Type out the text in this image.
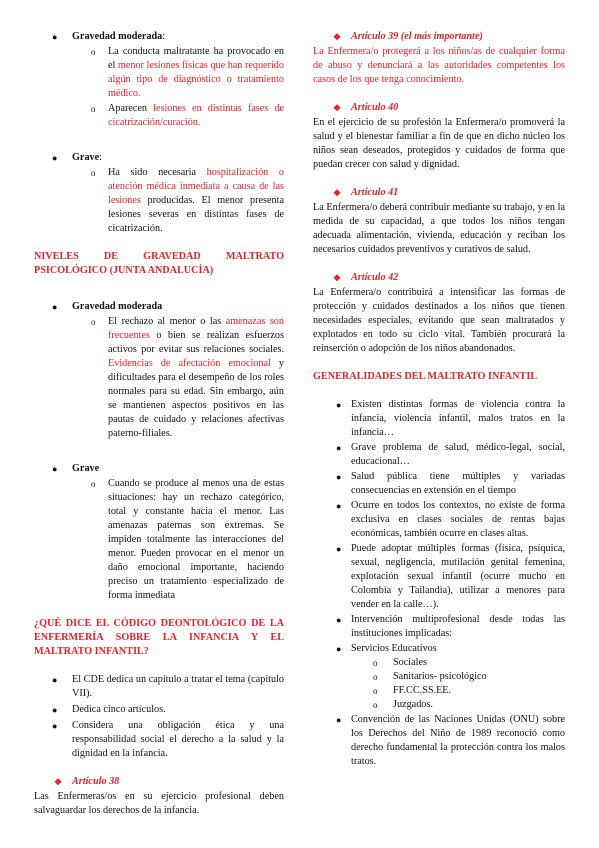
● Gravedad moderada:
o La conducta maltratante ha provocado en el menor lesiones físicas que han requerido algún tipo de diagnóstico o tratamiento médico.
o Aparecen lesiones en distintas fases de cicatrización/curación.
● Grave:
o Ha sido necesaria hospitalización o atención médica inmediata a causa de las lesiones producidas. El menor presenta lesiones severas en distintas fases de cicatrización.

NIVELES DE GRAVEDAD MALTRATO PSICOLÓGICO (JUNTA ANDALUCÍA)

● Gravedad moderada
o El rechazo al menor o las amenazas son frecuentes o bien se realizan esfuerzos activos por evitar sus relaciones sociales. Evidencias de afectación emocional y dificultades para el desempeño de los roles normales para su edad. Sin embargo, aún se mantienen aspectos positivos en las pautas de cuidado y relaciones afectivas paterno-filiales.
● Grave
o Cuando se produce al menos una de estas situaciones: hay un rechazo categórico, total y constante hacia el menor. Las amenazas paternas son extremas. Se impiden totalmente las interacciones del menor. Pueden provocar en el menor un daño emocional importante, haciendo preciso un tratamiento especializado de forma inmediata

¿QUÉ DICE EL CÓDIGO DEONTOLÓGICO DE LA ENFERMERÍA SOBRE LA INFANCIA Y EL MALTRATO INFANTIL?

● El CDE dedica un capítulo a tratar el tema (capítulo VII).
● Dedica cinco artículos.
● Considera una obligación ética y una responsabilidad social el derecho a la salud y la dignidad en la infancia.
❖ Artículo 38

Las Enfermeras/os en su ejercicio profesional deben salvaguardar los derechos de la infancia.

❖ Artículo 39 (el más importante)

La Enfermera/o protegerá a los niños/as de cualquier forma de abuso y denunciará a las autoridades competentes los casos de los que tenga conocimiento.

❖ Artículo 40

En el ejercicio de su profesión la Enfermera/o promoverá la salud y el bienestar familiar a fin de que en dicho núcleo los niños sean deseados, protegidos y cuidados de forma que puedan crecer con salud y dignidad.

❖ Artículo 41

La Enfermera/o deberá contribuir mediante su trabajo, y en la medida de su capacidad, a que todos los niños tengan adecuada alimentación, vivienda, educación y reciban los necesarios cuidados preventivos y curativos de salud.

❖ Artículo 42

La Enfermera/o contribuirá a intensificar las formas de protección y cuidados destinados a los niños que tienen necesidades especiales, evitando que sean maltratados y explotados en todo su ciclo vital. También procurará la reinserción o adopción de los niños abandonados.

GENERALIDADES DEL MALTRATO INFANTIL

● Existen distintas formas de violencia contra la infancia, violencia infantil, malos tratos en la infancia…
● Grave problema de salud, médico-legal, social, educacional…
● Salud pública tiene múltiples y variadas consecuencias en extensión en el tiempo
● Ocurre en todos los contextos, no existe de forma exclusiva en clases sociales de rentas bajas económicas, también ocurre en clases altas.
● Puede adoptar múltiples formas (física, psíquica, sexual, negligencia, mutilación genital femenina, explotación sexual infantil (ocurre mucho en Colombia y Tailandia), utilizar a menores para vender en la calle…).
● Intervención multiprofesional desde todas las instituciones implicadas:
● Servicios Educativos
o Sociales
o Sanitarios- psicológico
o FF.CC.SS.EE.
o Juzgados.
● Convención de las Naciones Unidas (ONU) sobre los Derechos del Niño de 1989 reconoció como derecho fundamental la protección contra los malos tratos.
